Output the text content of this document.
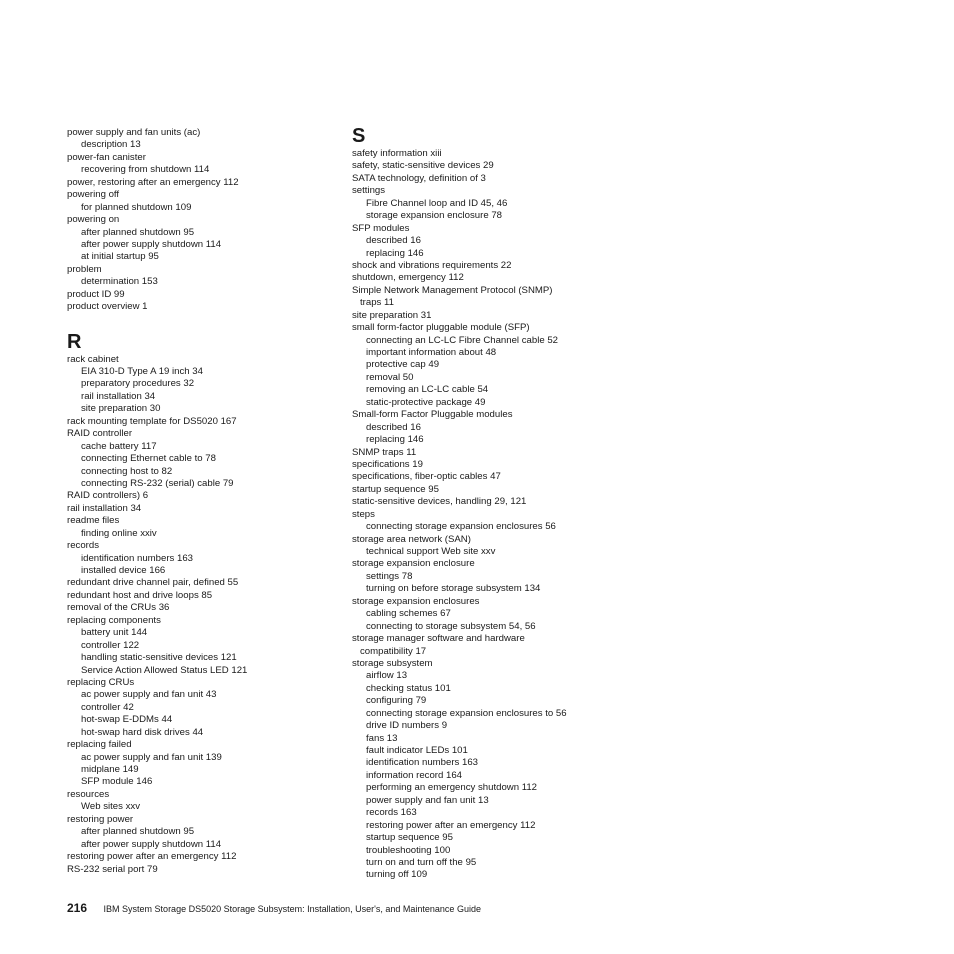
power supply and fan units (ac)
description 13
power-fan canister
recovering from shutdown 114
power, restoring after an emergency 112
powering off
for planned shutdown 109
powering on
after planned shutdown 95
after power supply shutdown 114
at initial startup 95
problem
determination 153
product ID 99
product overview 1
R
rack cabinet
EIA 310-D Type A 19 inch 34
preparatory procedures 32
rail installation 34
site preparation 30
rack mounting template for DS5020 167
RAID controller
cache battery 117
connecting Ethernet cable to 78
connecting host to 82
connecting RS-232 (serial) cable 79
RAID controllers) 6
rail installation 34
readme files
finding online xxiv
records
identification numbers 163
installed device 166
redundant drive channel pair, defined 55
redundant host and drive loops 85
removal of the CRUs 36
replacing components
battery unit 144
controller 122
handling static-sensitive devices 121
Service Action Allowed Status LED 121
replacing CRUs
ac power supply and fan unit 43
controller 42
hot-swap E-DDMs 44
hot-swap hard disk drives 44
replacing failed
ac power supply and fan unit 139
midplane 149
SFP module 146
resources
Web sites xxv
restoring power
after planned shutdown 95
after power supply shutdown 114
restoring power after an emergency 112
RS-232 serial port 79
S
safety information xiii
safety, static-sensitive devices 29
SATA technology, definition of 3
settings
Fibre Channel loop and ID 45, 46
storage expansion enclosure 78
SFP modules
described 16
replacing 146
shock and vibrations requirements 22
shutdown, emergency 112
Simple Network Management Protocol (SNMP)
traps 11
site preparation 31
small form-factor pluggable module (SFP)
connecting an LC-LC Fibre Channel cable 52
important information about 48
protective cap 49
removal 50
removing an LC-LC cable 54
static-protective package 49
Small-form Factor Pluggable modules
described 16
replacing 146
SNMP traps 11
specifications 19
specifications, fiber-optic cables 47
startup sequence 95
static-sensitive devices, handling 29, 121
steps
connecting storage expansion enclosures 56
storage area network (SAN)
technical support Web site xxv
storage expansion enclosure
settings 78
turning on before storage subsystem 134
storage expansion enclosures
cabling schemes 67
connecting to storage subsystem 54, 56
storage manager software and hardware
compatibility 17
storage subsystem
airflow 13
checking status 101
configuring 79
connecting storage expansion enclosures to 56
drive ID numbers 9
fans 13
fault indicator LEDs 101
identification numbers 163
information record 164
performing an emergency shutdown 112
power supply and fan unit 13
records 163
restoring power after an emergency 112
startup sequence 95
troubleshooting 100
turn on and turn off the 95
turning off 109
216 IBM System Storage DS5020 Storage Subsystem: Installation, User's, and Maintenance Guide
